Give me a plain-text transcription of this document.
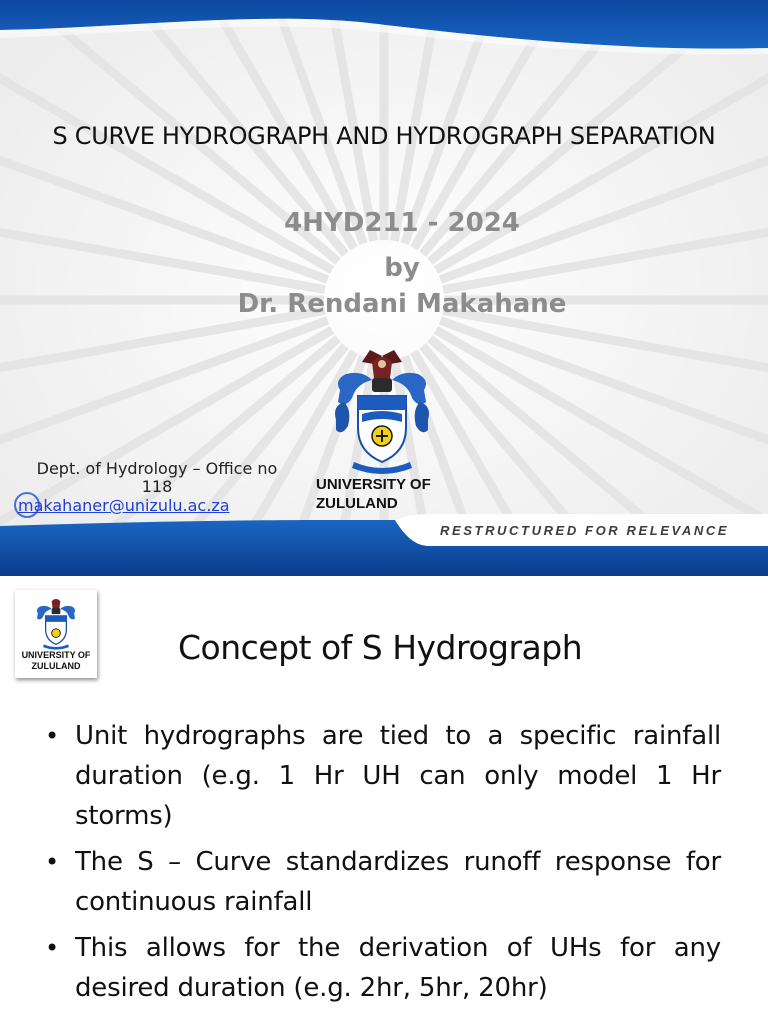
S CURVE HYDROGRAPH AND HYDROGRAPH SEPARATION
4HYD211 - 2024
by
Dr. Rendani Makahane
UNIVERSITY OF
ZULULAND
RESTRUCTURED FOR RELEVANCE
Dept. of Hydrology – Office no 118
makahaner@unizulu.ac.za
UNIVERSITY OF
ZULULAND	Concept of S Hydrograph
• Unit hydrographs are tied to a specific rainfall duration (e.g. 1 Hr UH can only model 1 Hr storms)
• The S – Curve standardizes runoff response for continuous rainfall
• This allows for the derivation of UHs for any desired duration (e.g. 2hr, 5hr, 20hr)
